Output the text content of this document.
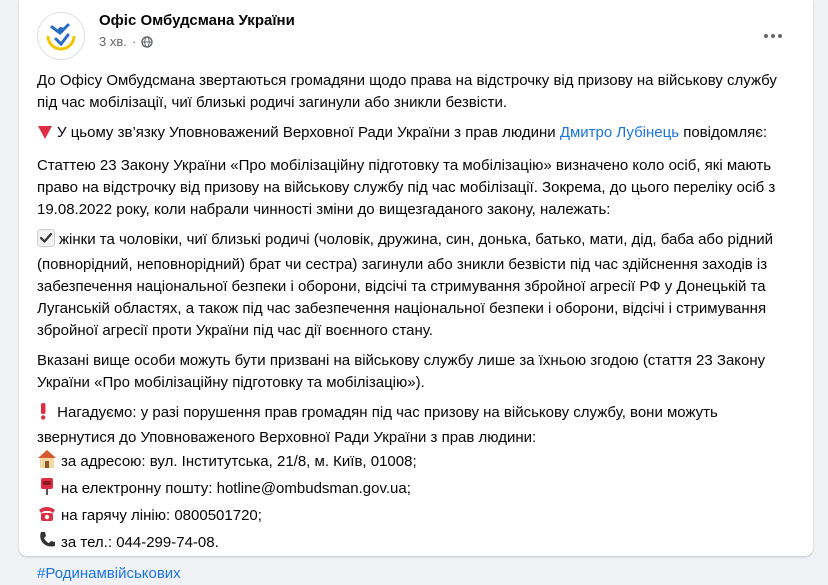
Офіс Омбудсмана України
3 хв. ·

До Офісу Омбудсмана звертаються громадяни щодо права на відстрочку від призову на військову службу під час мобілізації, чиї близькі родичі загинули або зникли безвісти.

У цьому зв’язку Уповноважений Верховної Ради України з прав людини Дмитро Лубінець повідомляє:

Статтею 23 Закону України «Про мобілізаційну підготовку та мобілізацію» визначено коло осіб, які мають право на відстрочку від призову на військову службу під час мобілізації. Зокрема, до цього переліку осіб з 19.08.2022 року, коли набрали чинності зміни до вищезгаданого закону, належать:

жінки та чоловіки, чиї близькі родичі (чоловік, дружина, син, донька, батько, мати, дід, баба або рідний (повнорідний, неповнорідний) брат чи сестра) загинули або зникли безвісти під час здійснення заходів із забезпечення національної безпеки і оборони, відсічі та стримування збройної агресії РФ у Донецькій та Луганській областях, а також під час забезпечення національної безпеки і оборони, відсічі і стримування збройної агресії проти України під час дії воєнного стану.

Вказані вище особи можуть бути призвані на військову службу лише за їхньою згодою (стаття 23 Закону України «Про мобілізаційну підготовку та мобілізацію»).

Нагадуємо: у разі порушення прав громадян під час призову на військову службу, вони можуть звернутися до Уповноваженого Верховної Ради України з прав людини:

за адресою: вул. Інститутська, 21/8, м. Київ, 01008;
на електронну пошту: hotline@ombudsman.gov.ua;
на гарячу лінію: 0800501720;
за тел.: 044-299-74-08.
#Родинамвійськових
